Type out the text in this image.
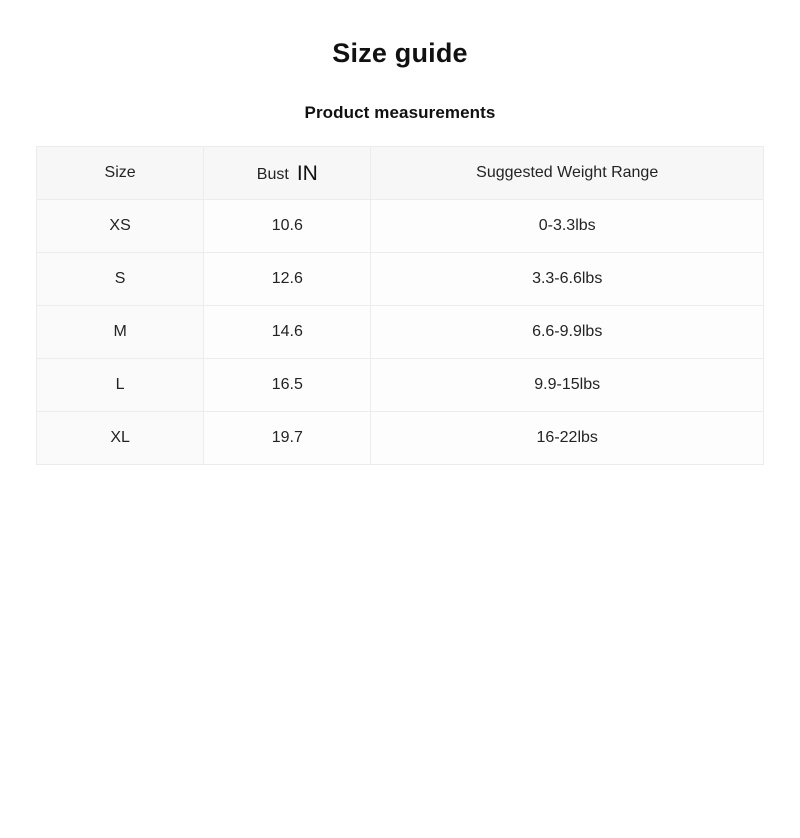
Size guide
Product measurements
Size	Bust IN	Suggested Weight Range
XS	10.6	0-3.3lbs
S	12.6	3.3-6.6lbs
M	14.6	6.6-9.9lbs
L	16.5	9.9-15lbs
XL	19.7	16-22lbs
